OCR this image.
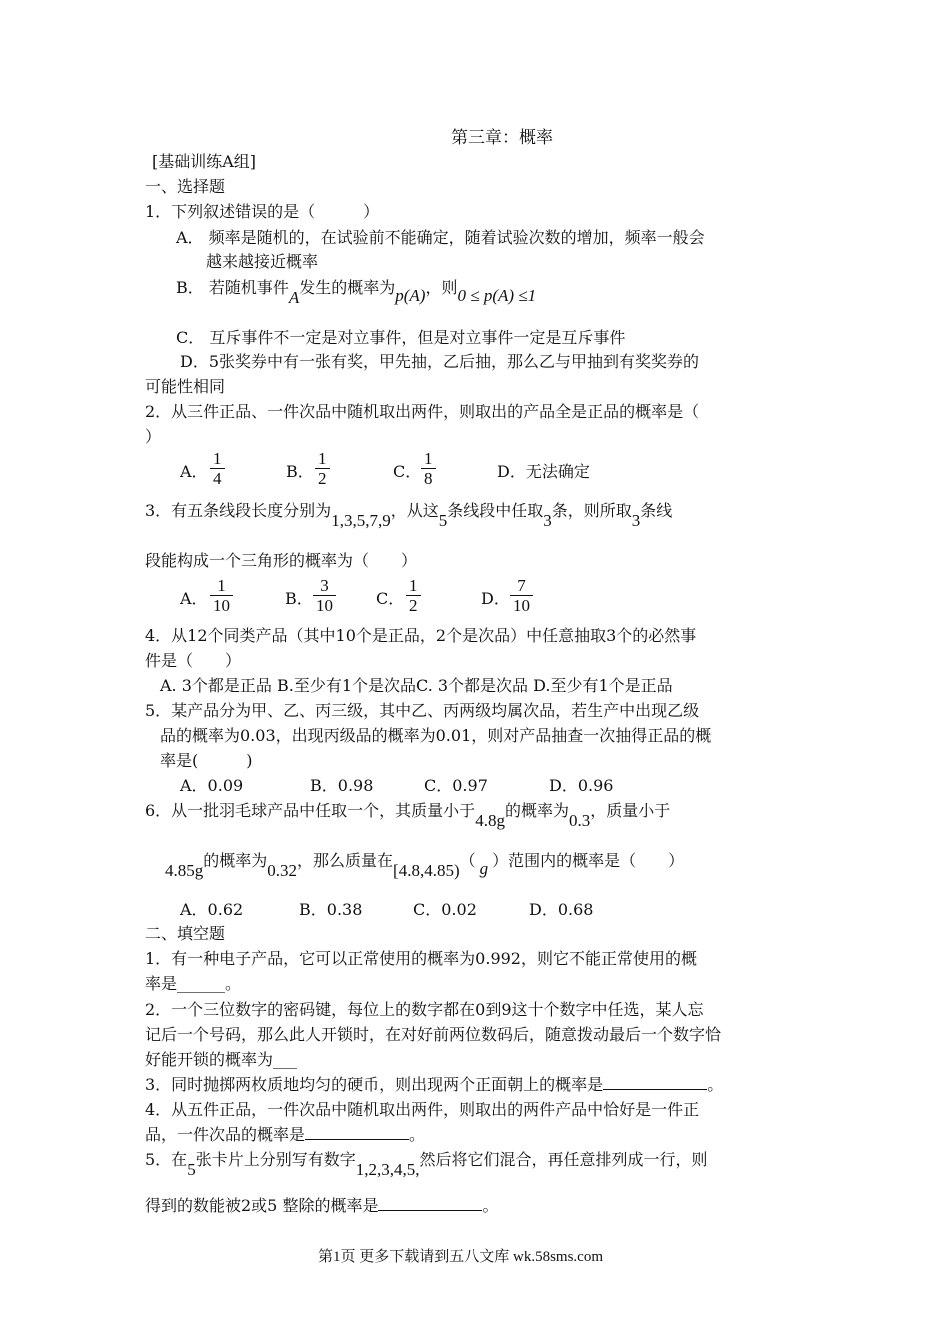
第三章：概率
[基础训练A组]
一、选择题
1．下列叙述错误的是（　　　）
A． 频率是随机的，在试验前不能确定，随着试验次数的增加，频率一般会
越来越接近概率
B． 若随机事件A发生的概率为p(A)，则0 ≤ p(A) ≤1
C． 互斥事件不一定是对立事件，但是对立事件一定是互斥事件
D．5张奖券中有一张有奖，甲先抽，乙后抽，那么乙与甲抽到有奖奖券的
可能性相同
2．从三件正品、一件次品中随机取出两件，则取出的产品全是正品的概率是（
）
A． $\frac{1}{4}$	B． $\frac{1}{2}$	C． $\frac{1}{8}$	D．无法确定
3．有五条线段长度分别为1,3,5,7,9，从这5条线段中任取3条，则所取3条线
段能构成一个三角形的概率为（　　）
A． $\frac{1}{10}$	B． $\frac{3}{10}$	C． $\frac{1}{2}$	D． $\frac{7}{10}$
4．从12个同类产品（其中10个是正品，2个是次品）中任意抽取3个的必然事
件是（　　）
A. 3个都是正品 B.至少有1个是次品C. 3个都是次品 D.至少有1个是正品
5．某产品分为甲、乙、丙三级，其中乙、丙两级均属次品，若生产中出现乙级
品的概率为0.03，出现丙级品的概率为0.01，则对产品抽查一次抽得正品的概
率是(　　　)
A．0.09	B．0.98	C．0.97	D．0.96
6．从一批羽毛球产品中任取一个，其质量小于4.8g的概率为0.3，质量小于
4.85g的概率为0.32，那么质量在[4.8,4.85)（ g ）范围内的概率是（　　）
A．0.62	B．0.38	C．0.02	D．0.68
二、填空题
1．有一种电子产品，它可以正常使用的概率为0.992，则它不能正常使用的概
率是______。
2．一个三位数字的密码键，每位上的数字都在0到9这十个数字中任选，某人忘
记后一个号码，那么此人开锁时，在对好前两位数码后，随意拨动最后一个数字恰
好能开锁的概率为___
3．同时抛掷两枚质地均匀的硬币，则出现两个正面朝上的概率是	。
4．从五件正品，一件次品中随机取出两件，则取出的两件产品中恰好是一件正
品，一件次品的概率是	。
5．在5张卡片上分别写有数字1,2,3,4,5,然后将它们混合，再任意排列成一行，则
得到的数能被2或5 整除的概率是	。
第1页 更多下载请到五八文库 wk.58sms.com
